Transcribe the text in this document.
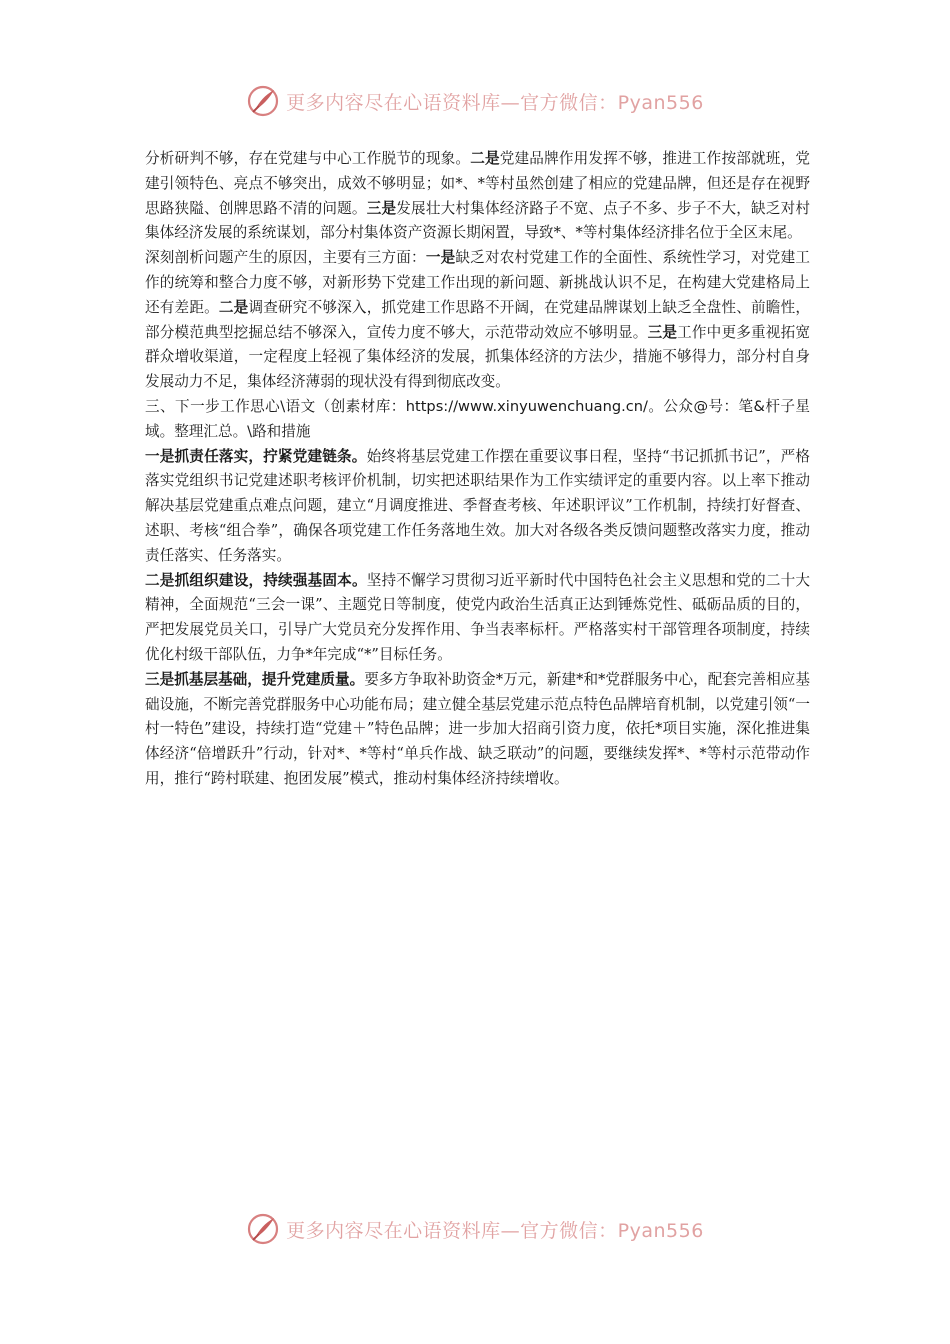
更多内容尽在心语资料库—官方微信：Pyan556

分析研判不够，存在党建与中心工作脱节的现象。二是党建品牌作用发挥不够，推进工作按部就班，党建引领特色、亮点不够突出，成效不够明显；如*、*等村虽然创建了相应的党建品牌，但还是存在视野思路狭隘、创牌思路不清的问题。三是发展壮大村集体经济路子不宽、点子不多、步子不大，缺乏对村集体经济发展的系统谋划，部分村集体资产资源长期闲置，导致*、*等村集体经济排名位于全区末尾。

深刻剖析问题产生的原因，主要有三方面：一是缺乏对农村党建工作的全面性、系统性学习，对党建工作的统筹和整合力度不够，对新形势下党建工作出现的新问题、新挑战认识不足，在构建大党建格局上还有差距。二是调查研究不够深入，抓党建工作思路不开阔，在党建品牌谋划上缺乏全盘性、前瞻性，部分模范典型挖掘总结不够深入，宣传力度不够大，示范带动效应不够明显。三是工作中更多重视拓宽群众增收渠道，一定程度上轻视了集体经济的发展，抓集体经济的方法少，措施不够得力，部分村自身发展动力不足，集体经济薄弱的现状没有得到彻底改变。

三、下一步工作思心\语文（创素材库：https://www.xinyuwenchuang.cn/。公众@号：笔&杆子星域。整理汇总。\路和措施

一是抓责任落实，拧紧党建链条。始终将基层党建工作摆在重要议事日程，坚持“书记抓抓书记”，严格落实党组织书记党建述职考核评价机制，切实把述职结果作为工作实绩评定的重要内容。以上率下推动解决基层党建重点难点问题，建立“月调度推进、季督查考核、年述职评议”工作机制，持续打好督查、述职、考核“组合拳”，确保各项党建工作任务落地生效。加大对各级各类反馈问题整改落实力度，推动责任落实、任务落实。

二是抓组织建设，持续强基固本。坚持不懈学习贯彻习近平新时代中国特色社会主义思想和党的二十大精神，全面规范“三会一课”、主题党日等制度，使党内政治生活真正达到锤炼党性、砥砺品质的目的，严把发展党员关口，引导广大党员充分发挥作用、争当表率标杆。严格落实村干部管理各项制度，持续优化村级干部队伍，力争*年完成“*”目标任务。

三是抓基层基础，提升党建质量。要多方争取补助资金*万元，新建*和*党群服务中心，配套完善相应基础设施，不断完善党群服务中心功能布局；建立健全基层党建示范点特色品牌培育机制，以党建引领“一村一特色”建设，持续打造“党建＋”特色品牌；进一步加大招商引资力度，依托*项目实施，深化推进集体经济“倍增跃升”行动，针对*、*等村“单兵作战、缺乏联动”的问题，要继续发挥*、*等村示范带动作用，推行“跨村联建、抱团发展”模式，推动村集体经济持续增收。

更多内容尽在心语资料库—官方微信：Pyan556
